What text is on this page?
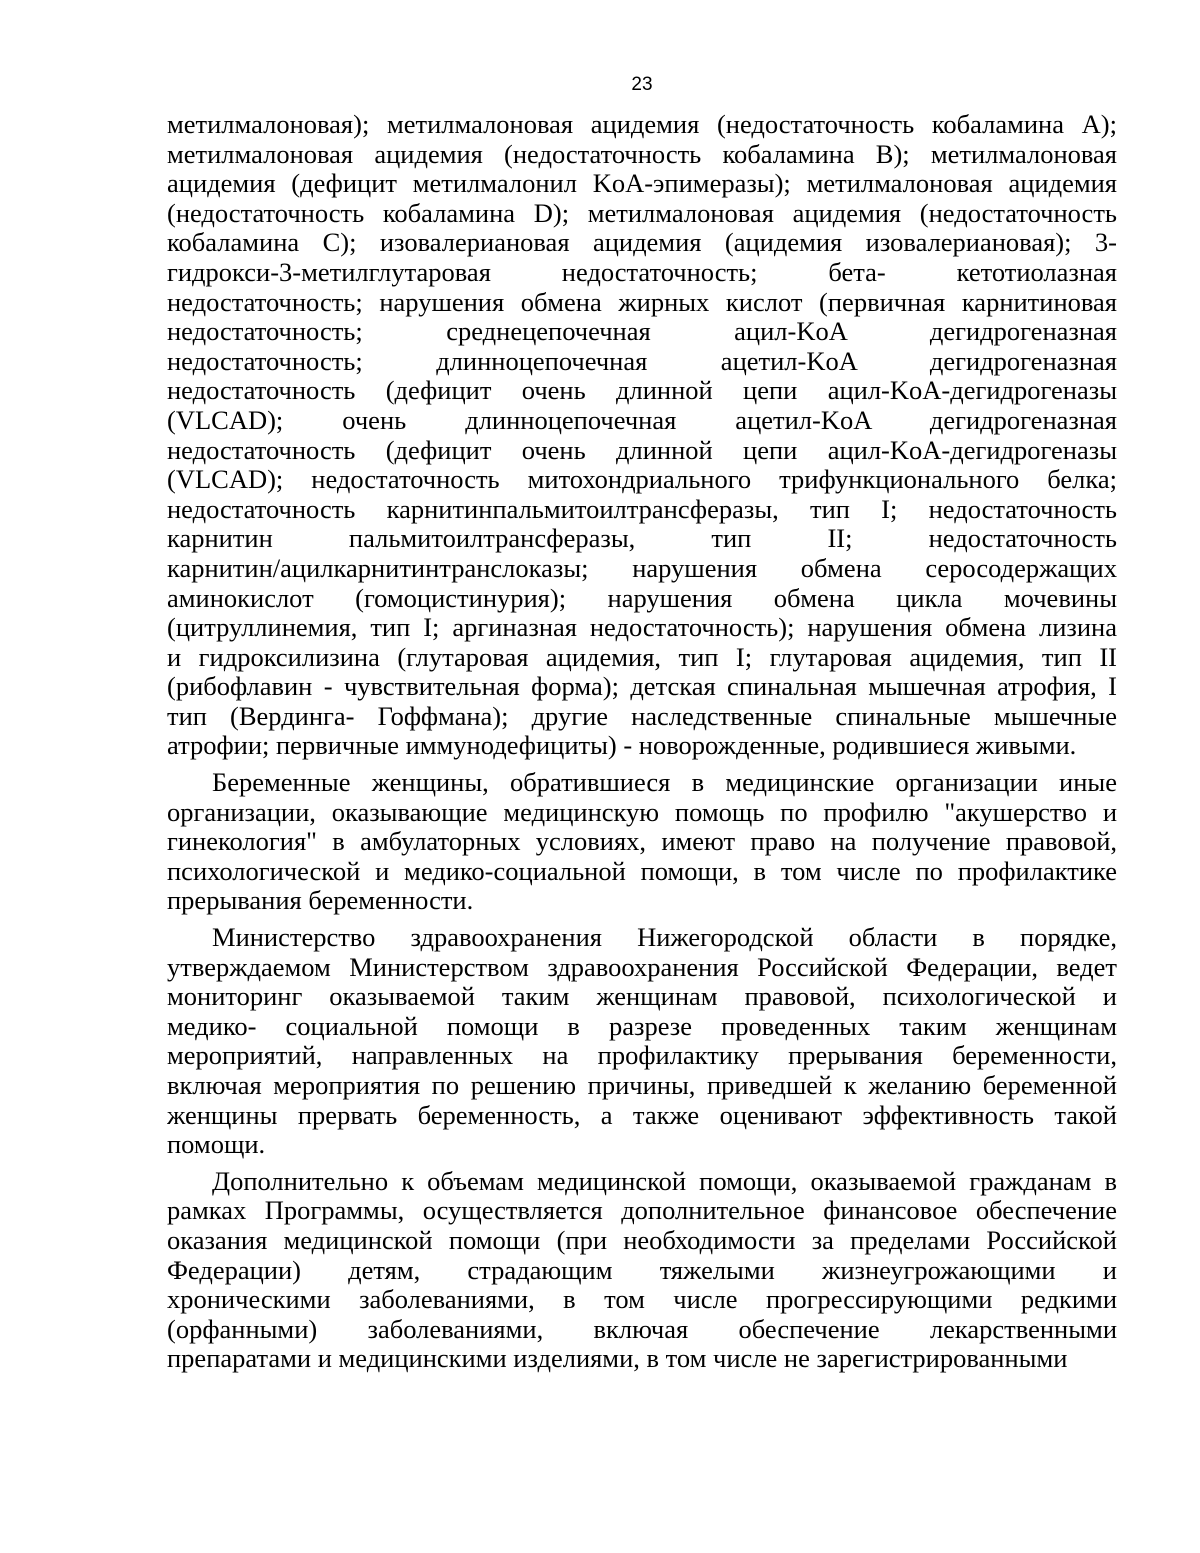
23
метилмалоновая); метилмалоновая ацидемия (недостаточность кобаламина A);
метилмалоновая ацидемия (недостаточность кобаламина B); метилмалоновая
ацидемия (дефицит метилмалонил KoA-эпимеразы); метилмалоновая ацидемия
(недостаточность кобаламина D); метилмалоновая ацидемия (недостаточность
кобаламина C); изовалериановая ацидемия (ацидемия изовалериановая); 3-
гидрокси-3-метилглутаровая недостаточность; бета- кетотиолазная
недостаточность; нарушения обмена жирных кислот (первичная карнитиновая
недостаточность; среднецепочечная ацил-KoA дегидрогеназная
недостаточность; длинноцепочечная ацетил-KoA дегидрогеназная
недостаточность (дефицит очень длинной цепи ацил-KoA-дегидрогеназы
(VLCAD); очень длинноцепочечная ацетил-KoA дегидрогеназная
недостаточность (дефицит очень длинной цепи ацил-KoA-дегидрогеназы
(VLCAD); недостаточность митохондриального трифункционального белка;
недостаточность карнитинпальмитоилтрансферазы, тип I; недостаточность
карнитин пальмитоилтрансферазы, тип II; недостаточность
карнитин/ацилкарнитинтранслоказы; нарушения обмена серосодержащих
аминокислот (гомоцистинурия); нарушения обмена цикла мочевины
(цитруллинемия, тип I; аргиназная недостаточность); нарушения обмена лизина
и гидроксилизина (глутаровая ацидемия, тип I; глутаровая ацидемия, тип II
(рибофлавин - чувствительная форма); детская спинальная мышечная атрофия, I
тип (Вердинга- Гоффмана); другие наследственные спинальные мышечные
атрофии; первичные иммунодефициты) - новорожденные, родившиеся живыми.
Беременные женщины, обратившиеся в медицинские организации иные
организации, оказывающие медицинскую помощь по профилю "акушерство и
гинекология" в амбулаторных условиях, имеют право на получение правовой,
психологической и медико-социальной помощи, в том числе по профилактике
прерывания беременности.
Министерство здравоохранения Нижегородской области в порядке,
утверждаемом Министерством здравоохранения Российской Федерации, ведет
мониторинг оказываемой таким женщинам правовой, психологической и
медико- социальной помощи в разрезе проведенных таким женщинам
мероприятий, направленных на профилактику прерывания беременности,
включая мероприятия по решению причины, приведшей к желанию беременной
женщины прервать беременность, а также оценивают эффективность такой
помощи.
Дополнительно к объемам медицинской помощи, оказываемой гражданам в
рамках Программы, осуществляется дополнительное финансовое обеспечение
оказания медицинской помощи (при необходимости за пределами Российской
Федерации) детям, страдающим тяжелыми жизнеугрожающими и
хроническими заболеваниями, в том числе прогрессирующими редкими
(орфанными) заболеваниями, включая обеспечение лекарственными
препаратами и медицинскими изделиями, в том числе не зарегистрированными
